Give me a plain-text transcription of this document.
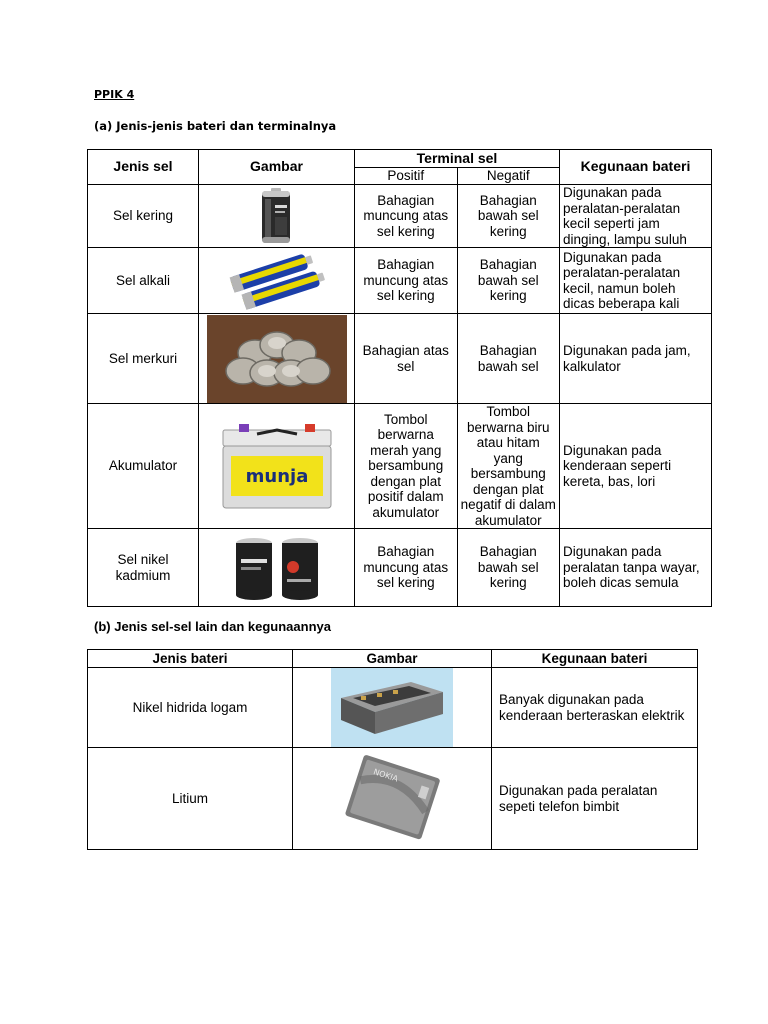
PPIK 4
(a) Jenis-jenis bateri dan terminalnya
Jenis sel	Gambar	Terminal sel		Kegunaan bateri
		Positif	Negatif	
Sel kering		Bahagian muncung atas sel kering	Bahagian bawah sel kering	Digunakan pada peralatan-peralatan kecil seperti jam dinging, lampu suluh
Sel alkali		Bahagian muncung atas sel kering	Bahagian bawah sel kering	Digunakan pada peralatan-peralatan kecil, namun boleh dicas beberapa kali
Sel merkuri		Bahagian atas sel	Bahagian bawah sel	Digunakan pada jam, kalkulator
Akumulator	munja	Tombol berwarna merah yang bersambung dengan plat positif dalam akumulator	Tombol berwarna biru atau hitam yang bersambung dengan plat negatif di dalam akumulator	Digunakan pada kenderaan seperti kereta, bas, lori
Sel nikel kadmium		Bahagian muncung atas sel kering	Bahagian bawah sel kering	Digunakan pada peralatan tanpa wayar, boleh dicas semula
(b) Jenis sel-sel lain dan kegunaannya
Jenis bateri	Gambar	Kegunaan bateri
Nikel hidrida logam		Banyak digunakan pada kenderaan berteraskan elektrik
Litium	NOKIA	Digunakan pada peralatan sepeti telefon bimbit
